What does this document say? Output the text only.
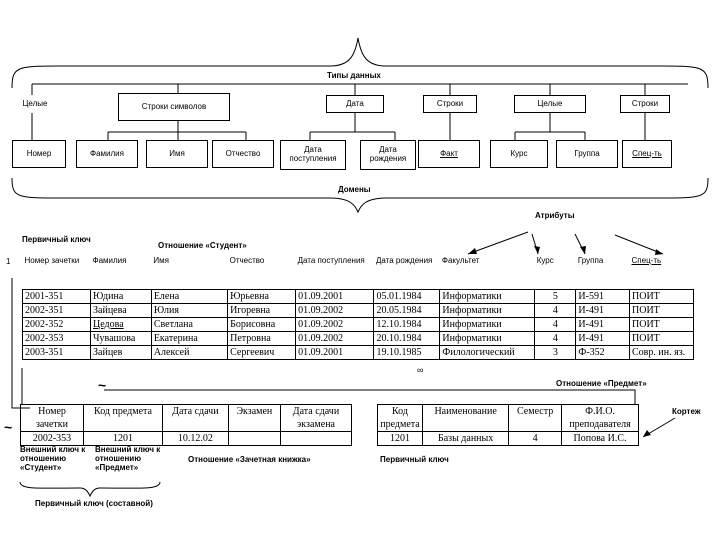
Типы данных
Целые	Строки символов	Дата	Строки	Целые	Строки
Номер	Фамилия	Имя	Отчество	Дата поступления
Дата рождения
Факт	Курс	Группа	Спец-ть
Домены
Атрибуты
Первичный ключ
Отношение «Студент»
1 Номер зачетки	Фамилия	Имя	Отчество	Дата поступления	Дата рождения	Факультет	Курс	Группа	Спец-ть

2001-351	Юдина	Елена	Юрьевна	01.09.2001	05.01.1984	Информатики	5	И-591	ПОИТ
2002-351	Зайцева	Юлия	Игоревна	01.09.2002	20.05.1984	Информатики	4	И-491	ПОИТ
2002-352	Цедова	Светлана	Борисовна	01.09.2002	12.10.1984	Информатики	4	И-491	ПОИТ
2002-353	Чувашова	Екатерина	Петровна	01.09.2002	20.10.1984	Информатики	4	И-491	ПОИТ
2003-351	Зайцев	Алексей	Сергеевич	01.09.2001	19.10.1985	Филологический	3	Ф-352	Совр. ин. яз.
Отношение «Предмет»
~
~
∞
Номер зачетки	Код предмета	Дата сдачи	Экзамен	Дата сдачи экзамена
2002-353	1201	10.12.02		
Код предмета	Наименование	Семестр	Ф.И.О. преподавателя
1201	Базы данных	4	Попова И.С.
Кортеж
Внешний ключ к отношению «Студент»
Внешний ключ к отношению «Предмет»
Отношение «Зачетная книжка»	Первичный ключ
Первичный ключ (составной)
